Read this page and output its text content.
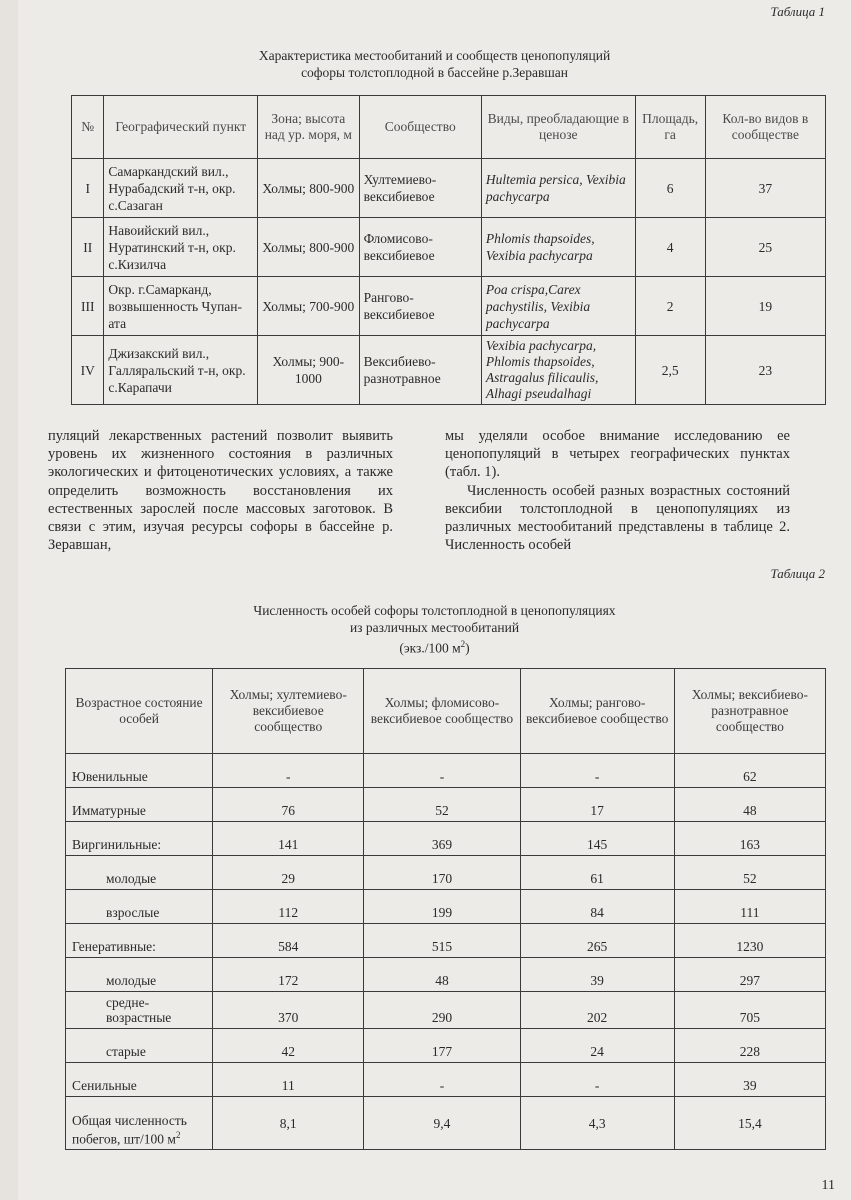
Таблица 1
Характеристика местообитаний и сообществ ценопопуляций
софоры толстоплодной в бассейне р.Зеравшан
№	Географический пункт	Зона; высота над ур. моря, м	Сообщество	Виды, преобладающие в ценозе	Площадь, га	Кол-во видов в сообществе
I	Самаркандский вил., Нурабадский т-н, окр. с.Сазаган	Холмы; 800-900	Хултемиево-вексибиевое	Hultemia persica, Vexibia pachycarpa	6	37
II	Навоийский вил., Нуратинский т-н, окр. с.Кизилча	Холмы; 800-900	Фломисово-вексибиевое	Phlomis thapsoides, Vexibia pachycarpa	4	25
III	Окр. г.Самарканд, возвышенность Чупан-ата	Холмы; 700-900	Рангово-вексибиевое	Poa crispa,Carex pachystilis, Vexibia pachycarpa	2	19
IV	Джизакский вил., Галляральский т-н, окр. с.Карапачи	Холмы; 900-1000	Вексибиево-разнотравное	Vexibia pachycarpa, Phlomis thapsoides, Astragalus filicaulis, Alhagi pseudalhagi	2,5	23

пуляций лекарственных растений позволит выявить уровень их жизненного состояния в различных экологических и фитоценотических условиях, а также определить возможность восстановления их естественных зарослей после массовых заготовок. В связи с этим, изучая ресурсы софоры в бассейне р. Зеравшан,

мы уделяли особое внимание исследованию ее ценопопуляций в четырех географических пунктах (табл. 1).

Численность особей разных возрастных состояний вексибии толстоплодной в ценопопуляциях из различных местообитаний представлены в таблице 2. Численность особей

Таблица 2
Численность особей софоры толстоплодной в ценопопуляциях
из различных местообитаний
(экз./100 $м^2$)
Возрастное состояние особей	Холмы; хултемиево-вексибиевое сообщество	Холмы; фломисово-вексибиевое сообщество	Холмы; рангово-вексибиевое сообщество	Холмы; вексибиево-разнотравное сообщество
Ювенильные	-	-	-	62
Имматурные	76	52	17	48
Виргинильные:	141	369	145	163
молодые	29	170	61	52
взрослые	112	199	84	111
Генеративные:	584	515	265	1230
молодые	172	48	39	297
средне-возрастные	370	290	202	705
старые	42	177	24	228
Сенильные	11	-	-	39
Общая численность побегов, шт/100 $м^2$	8,1	9,4	4,3	15,4
11
